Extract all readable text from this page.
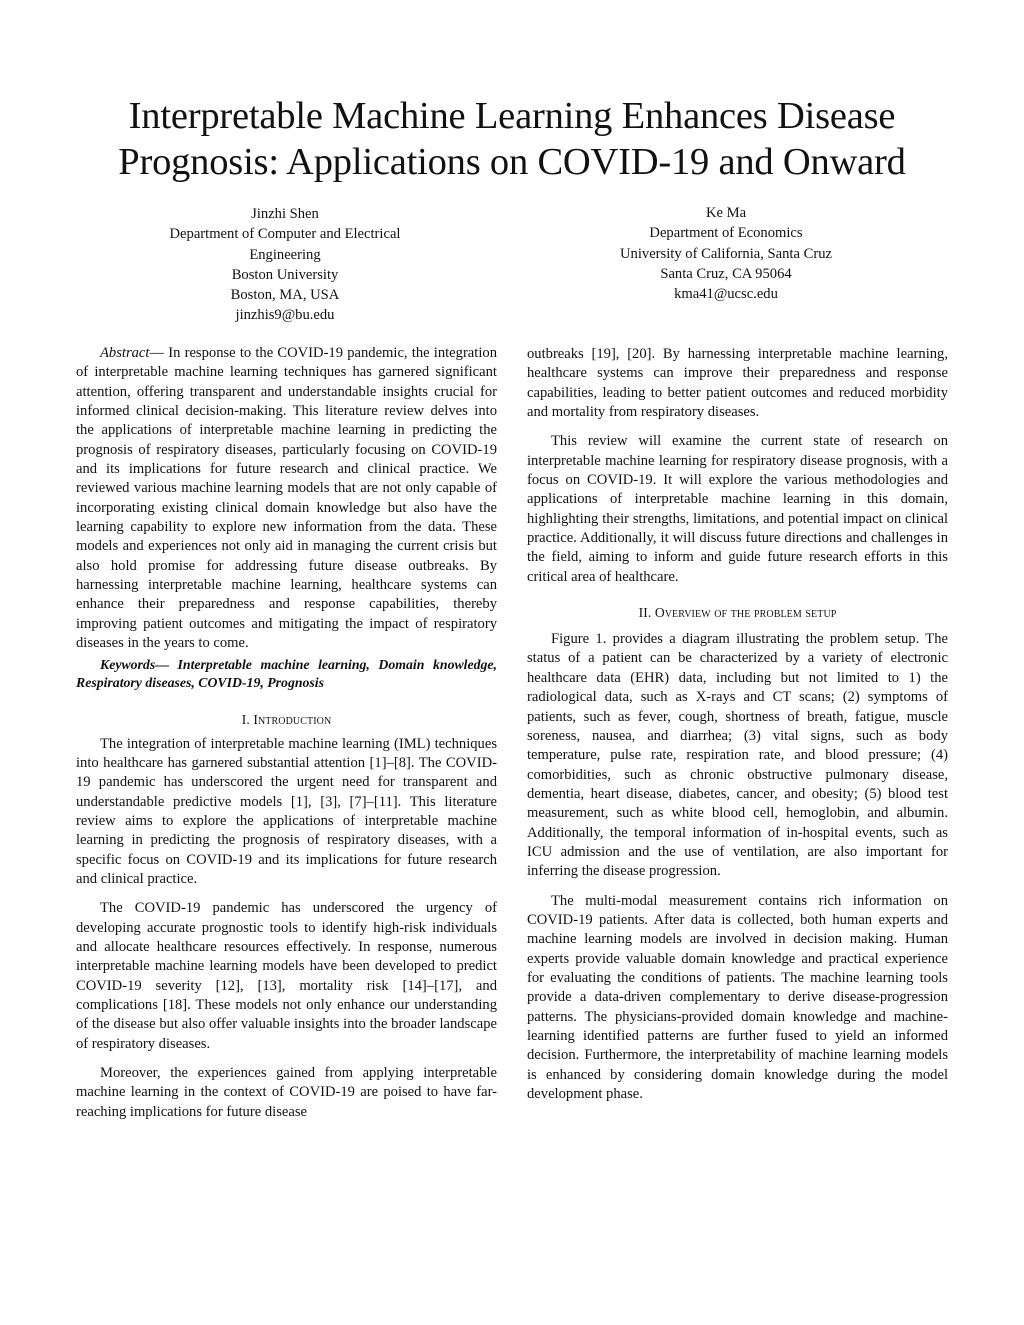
Interpretable Machine Learning Enhances Disease
Prognosis: Applications on COVID-19 and Onward
Jinzhi Shen
Department of Computer and Electrical
Engineering
Boston University
Boston, MA, USA
jinzhis9@bu.edu
Ke Ma
Department of Economics
University of California, Santa Cruz
Santa Cruz, CA 95064
kma41@ucsc.edu

Abstract— In response to the COVID-19 pandemic, the integration of interpretable machine learning techniques has garnered significant attention, offering transparent and understandable insights crucial for informed clinical decision-making. This literature review delves into the applications of interpretable machine learning in predicting the prognosis of respiratory diseases, particularly focusing on COVID-19 and its implications for future research and clinical practice. We reviewed various machine learning models that are not only capable of incorporating existing clinical domain knowledge but also have the learning capability to explore new information from the data. These models and experiences not only aid in managing the current crisis but also hold promise for addressing future disease outbreaks. By harnessing interpretable machine learning, healthcare systems can enhance their preparedness and response capabilities, thereby improving patient outcomes and mitigating the impact of respiratory diseases in the years to come.

Keywords— Interpretable machine learning, Domain knowledge, Respiratory diseases, COVID-19, Prognosis

I. Introduction

The integration of interpretable machine learning (IML) techniques into healthcare has garnered substantial attention [1]–[8]. The COVID-19 pandemic has underscored the urgent need for transparent and understandable predictive models [1], [3], [7]–[11]. This literature review aims to explore the applications of interpretable machine learning in predicting the prognosis of respiratory diseases, with a specific focus on COVID-19 and its implications for future research and clinical practice.

The COVID-19 pandemic has underscored the urgency of developing accurate prognostic tools to identify high-risk individuals and allocate healthcare resources effectively. In response, numerous interpretable machine learning models have been developed to predict COVID-19 severity [12], [13], mortality risk [14]–[17], and complications [18]. These models not only enhance our understanding of the disease but also offer valuable insights into the broader landscape of respiratory diseases.

Moreover, the experiences gained from applying interpretable machine learning in the context of COVID-19 are poised to have far-reaching implications for future disease

outbreaks [19], [20]. By harnessing interpretable machine learning, healthcare systems can improve their preparedness and response capabilities, leading to better patient outcomes and reduced morbidity and mortality from respiratory diseases.

This review will examine the current state of research on interpretable machine learning for respiratory disease prognosis, with a focus on COVID-19. It will explore the various methodologies and applications of interpretable machine learning in this domain, highlighting their strengths, limitations, and potential impact on clinical practice. Additionally, it will discuss future directions and challenges in the field, aiming to inform and guide future research efforts in this critical area of healthcare.

II. Overview of the problem setup

Figure 1. provides a diagram illustrating the problem setup. The status of a patient can be characterized by a variety of electronic healthcare data (EHR) data, including but not limited to 1) the radiological data, such as X-rays and CT scans; (2) symptoms of patients, such as fever, cough, shortness of breath, fatigue, muscle soreness, nausea, and diarrhea; (3) vital signs, such as body temperature, pulse rate, respiration rate, and blood pressure; (4) comorbidities, such as chronic obstructive pulmonary disease, dementia, heart disease, diabetes, cancer, and obesity; (5) blood test measurement, such as white blood cell, hemoglobin, and albumin. Additionally, the temporal information of in-hospital events, such as ICU admission and the use of ventilation, are also important for inferring the disease progression.

The multi-modal measurement contains rich information on COVID-19 patients. After data is collected, both human experts and machine learning models are involved in decision making. Human experts provide valuable domain knowledge and practical experience for evaluating the conditions of patients. The machine learning tools provide a data-driven complementary to derive disease-progression patterns. The physicians-provided domain knowledge and machine-learning identified patterns are further fused to yield an informed decision. Furthermore, the interpretability of machine learning models is enhanced by considering domain knowledge during the model development phase.
